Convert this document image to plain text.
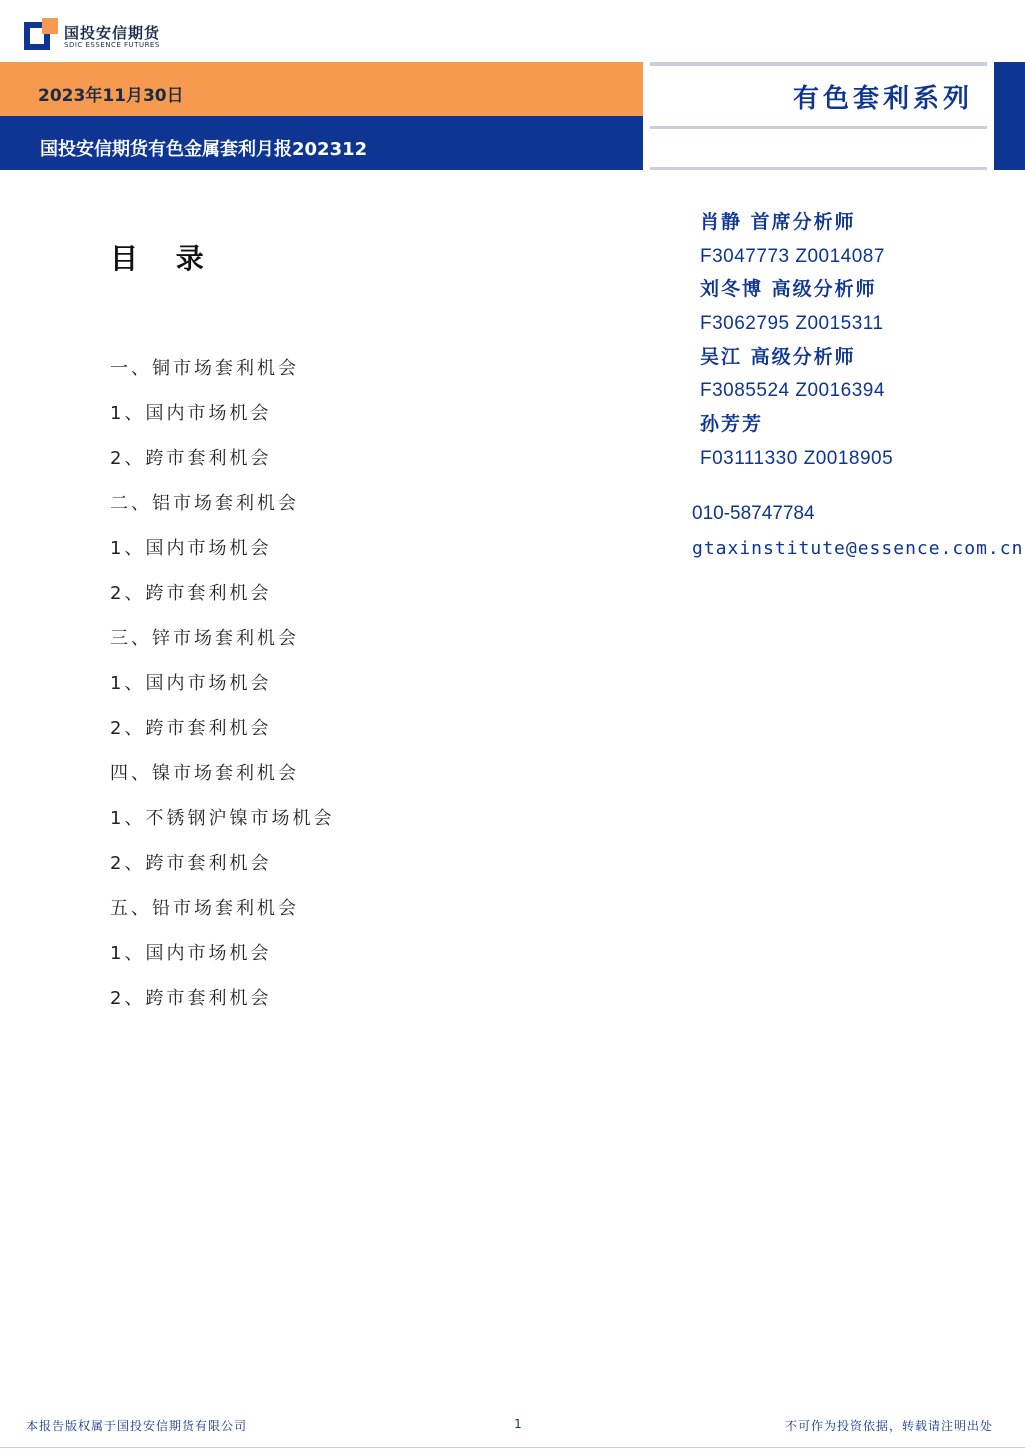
国投安信期货
SDIC ESSENCE FUTURES
2023年11月30日
国投安信期货有色金属套利月报202312
有色套利系列
目 录
一、铜市场套利机会
1、国内市场机会
2、跨市套利机会
二、铝市场套利机会
1、国内市场机会
2、跨市套利机会
三、锌市场套利机会
1、国内市场机会
2、跨市套利机会
四、镍市场套利机会
1、不锈钢沪镍市场机会
2、跨市套利机会
五、铅市场套利机会
1、国内市场机会
2、跨市套利机会
肖静 首席分析师
F3047773 Z0014087
刘冬博 高级分析师
F3062795 Z0015311
吴江 高级分析师
F3085524 Z0016394
孙芳芳
F03111330 Z0018905
010-58747784
gtaxinstitute@essence.com.cn
本报告版权属于国投安信期货有限公司	1	不可作为投资依据，转载请注明出处
